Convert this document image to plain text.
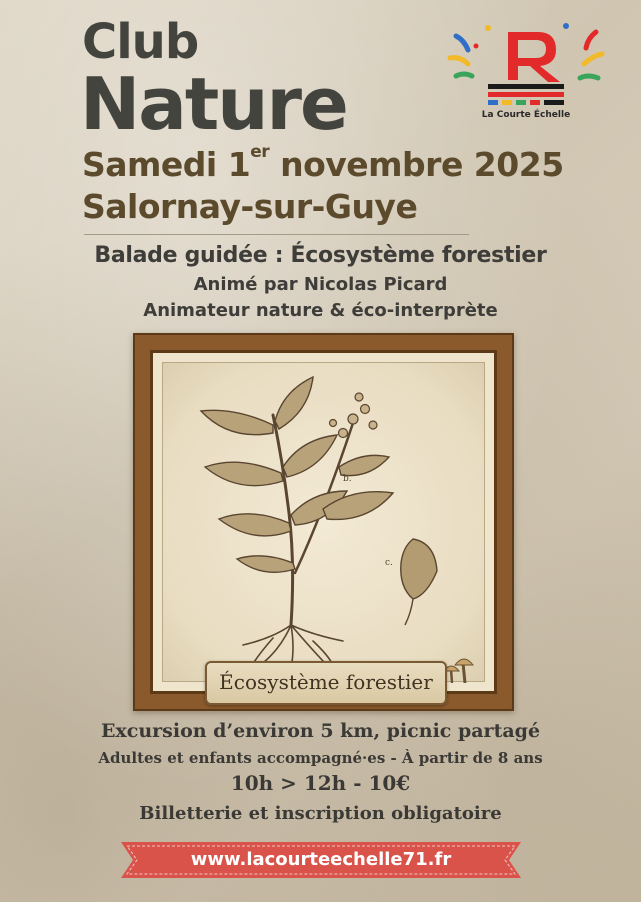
Club
Nature
Samedi 1er novembre 2025
Salornay-sur-Guye
La Courte Échelle
Balade guidée : Écosystème forestier
Animé par Nicolas Picard
Animateur nature & éco-interprète
b.
c.
Écosystème forestier
Excursion d’environ 5 km, picnic partagé
Adultes et enfants accompagné·es - À partir de 8 ans
10h > 12h - 10€
Billetterie et inscription obligatoire
www.lacourteechelle71.fr
